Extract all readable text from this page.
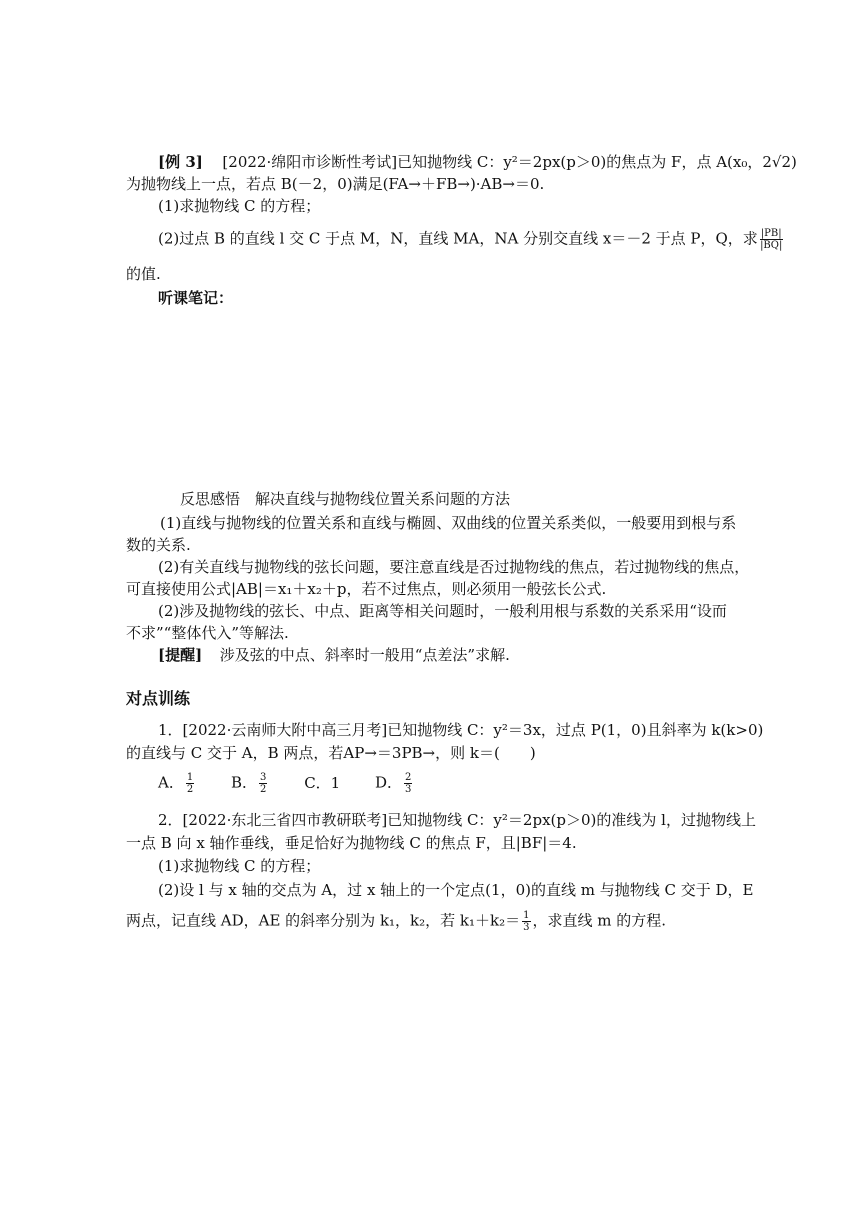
[例 3] [2022·绵阳市诊断性考试]已知抛物线 C：y²＝2px(p＞0)的焦点为 F，点 A(x₀，2√2)
为抛物线上一点，若点 B(－2，0)满足(FA→＋FB→)·AB→＝0.
(1)求抛物线 C 的方程；
(2)过点 B 的直线 l 交 C 于点 M，N，直线 MA，NA 分别交直线 x＝－2 于点 P，Q，求 $\frac{|PB|}{|BQ|}$
的值.
听课笔记：
反思感悟　解决直线与抛物线位置关系问题的方法
(1)直线与抛物线的位置关系和直线与椭圆、双曲线的位置关系类似，一般要用到根与系
数的关系.
(2)有关直线与抛物线的弦长问题，要注意直线是否过抛物线的焦点，若过抛物线的焦点，
可直接使用公式|AB|＝x₁＋x₂＋p，若不过焦点，则必须用一般弦长公式.
(2)涉及抛物线的弦长、中点、距离等相关问题时，一般利用根与系数的关系采用“设而
不求”“整体代入”等解法.
[提醒] 涉及弦的中点、斜率时一般用“点差法”求解.
对点训练
1．[2022·云南师大附中高三月考]已知抛物线 C：y²＝3x，过点 P(1，0)且斜率为 k(k>0)
的直线与 C 交于 A，B 两点，若AP→＝3PB→，则 k＝(　　)
A． $\frac{1}{2}$ B． $\frac{3}{2}$ C．1 D． $\frac{2}{3}$
2．[2022·东北三省四市教研联考]已知抛物线 C：y²＝2px(p＞0)的准线为 l，过抛物线上
一点 B 向 x 轴作垂线，垂足恰好为抛物线 C 的焦点 F，且|BF|＝4.
(1)求抛物线 C 的方程；
(2)设 l 与 x 轴的交点为 A，过 x 轴上的一个定点(1，0)的直线 m 与抛物线 C 交于 D，E
两点，记直线 AD，AE 的斜率分别为 k₁，k₂，若 $k_1+k_2= \frac{1}{3}$ ，求直线 m 的方程.
